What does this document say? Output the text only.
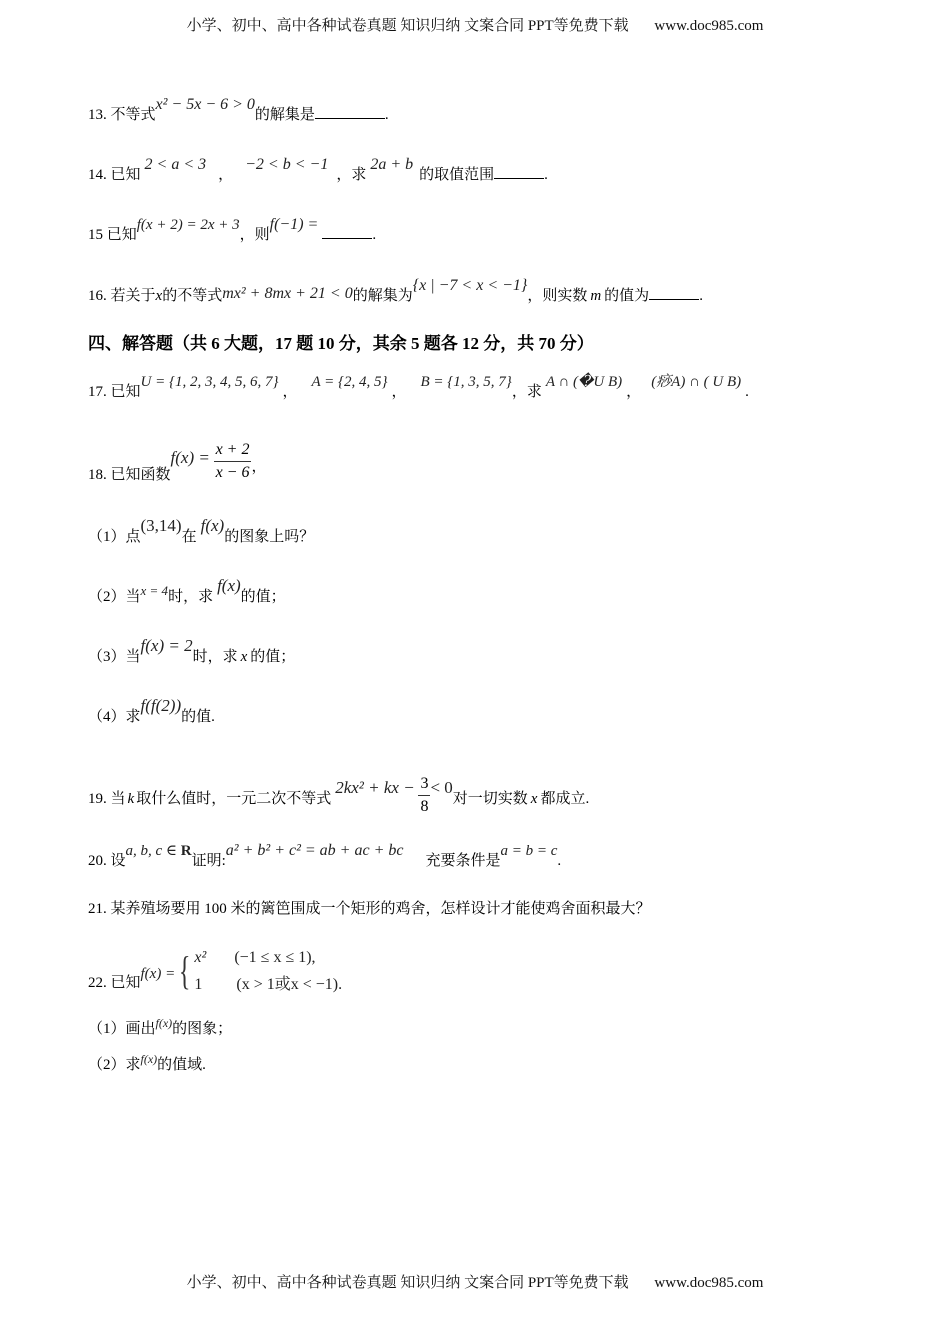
小学、初中、高中各种试卷真题 知识归纳 文案合同 PPT等免费下载 www.doc985.com
13. 不等式x² − 5x − 6 > 0的解集是	.
14. 已知2 < a < 3，−2 < b < −1，求2a + b的取值范围	.
15 已知f(x + 2) = 2x + 3，则f(−1) =.
16. 若关于x的不等式mx² + 8mx + 21 < 0的解集为{x | −7 < x < −1}，则实数 m 的值为	.
四、解答题（共 6 大题，17 题 10 分，其余 5 题各 12 分，共 70 分）
17. 已知U = {1, 2, 3, 4, 5, 6, 7}，A = {2, 4, 5}，B = {1, 3, 5, 7}，求A ∩ (�U B)，(痧A) ∩ ( U B).
18. 已知函数$f(x) = \frac{x + 2}{x - 6}$ ，
（1）点(3,14)在f(x)的图象上吗？
（2）当x = 4时，求f(x)的值；
（3）当f(x) = 2时，求 x 的值；
（4）求f(f(2))的值.
19. 当 k 取什么值时，一元二次不等式2kx² + kx − $\frac{3}{8} < 0$对一切实数 x 都成立.
20. 设a, b, c ∈ R证明:a² + b² + c² = ab + ac + bc充要条件是a = b = c.
21. 某养殖场要用 100 米的篱笆围成一个矩形的鸡舍，怎样设计才能使鸡舍面积最大？
22. 已知f(x) ={ x² (−1 ≤ x ≤ 1),
1 (x > 1或x < −1).
（1）画出$^{f(x)}$的图象；
（2）求$^{f(x)}$的值域.
小学、初中、高中各种试卷真题 知识归纳 文案合同 PPT等免费下载 www.doc985.com
